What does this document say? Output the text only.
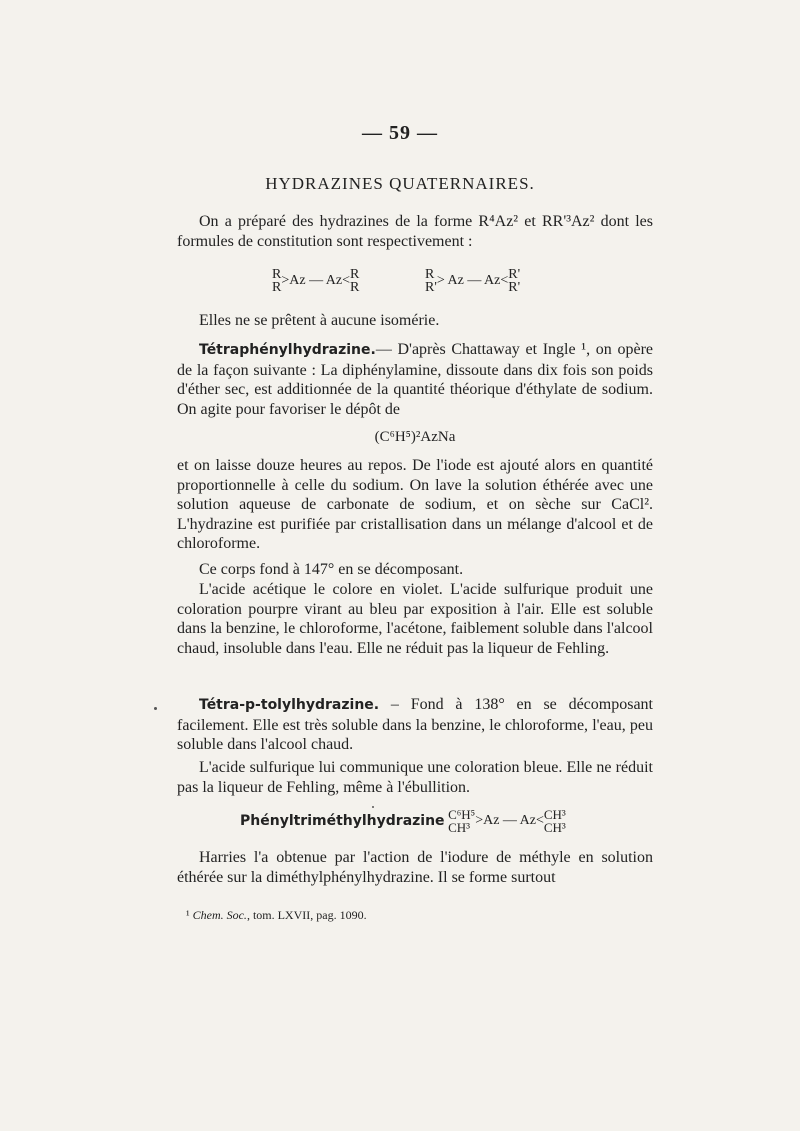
— 59 —
HYDRAZINES QUATERNAIRES.

On a préparé des hydrazines de la forme R⁴Az² et RR'³Az² dont les formules de constitution sont respectivement :

R
R>Az — Az<R
R
R
R'> Az — Az<R'
R'

Elles ne se prêtent à aucune isomérie.

Tétraphénylhydrazine.— D'après Chattaway et Ingle ¹, on opère de la façon suivante : La diphénylamine, dissoute dans dix fois son poids d'éther sec, est additionnée de la quantité théorique d'éthylate de sodium. On agite pour favoriser le dépôt de

(C⁶H⁵)²AzNa

et on laisse douze heures au repos. De l'iode est ajouté alors en quantité proportionnelle à celle du sodium. On lave la solution éthérée avec une solution aqueuse de carbonate de sodium, et on sèche sur CaCl². L'hydrazine est purifiée par cristallisation dans un mélange d'alcool et de chloroforme.

Ce corps fond à 147° en se décomposant.

L'acide acétique le colore en violet. L'acide sulfurique produit une coloration pourpre virant au bleu par exposition à l'air. Elle est soluble dans la benzine, le chloroforme, l'acétone, faiblement soluble dans l'alcool chaud, insoluble dans l'eau. Elle ne réduit pas la liqueur de Fehling.

Tétra-p-tolylhydrazine. – Fond à 138° en se décomposant facilement. Elle est très soluble dans la benzine, le chloroforme, l'eau, peu soluble dans l'alcool chaud.

L'acide sulfurique lui communique une coloration bleue. Elle ne réduit pas la liqueur de Fehling, même à l'ébullition.

Phényltriméthylhydrazine C⁶H⁵
CH³ >Az — Az<CH³
CH³

Harries l'a obtenue par l'action de l'iodure de méthyle en solution éthérée sur la diméthylphénylhydrazine. Il se forme surtout

¹ Chem. Soc., tom. LXVII, pag. 1090.
